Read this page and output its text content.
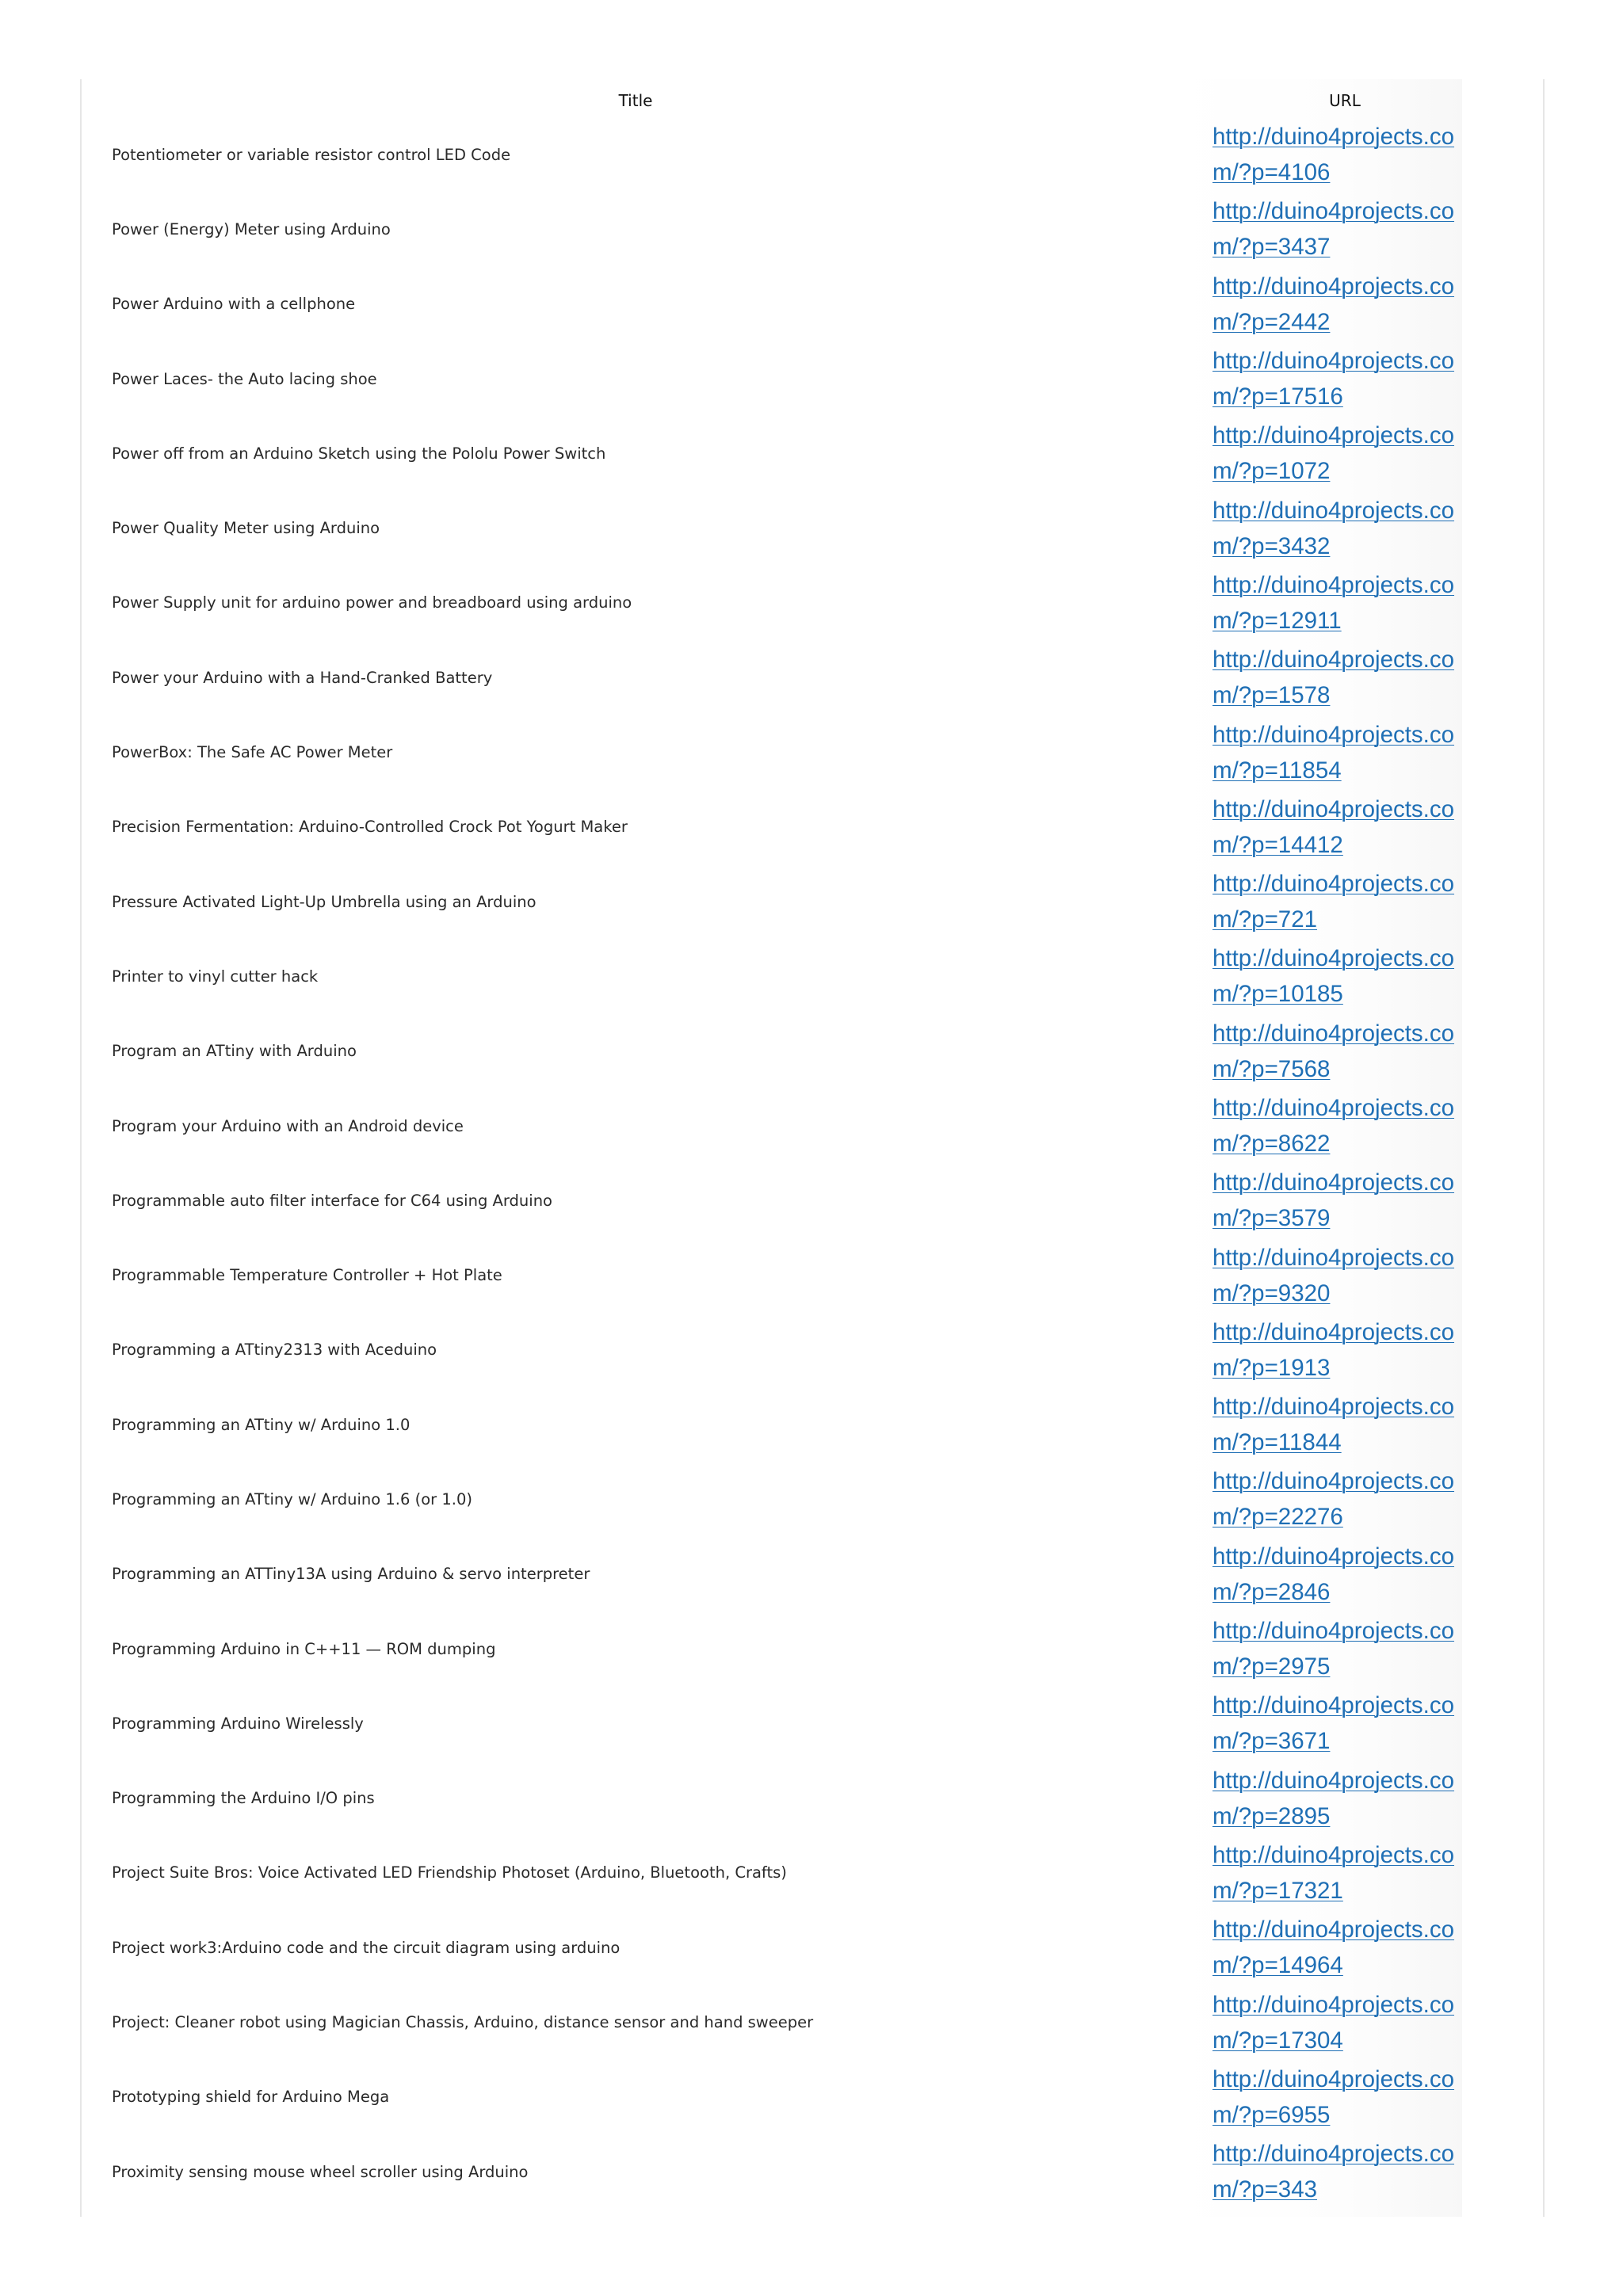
Title	URL
Potentiometer or variable resistor control LED Code	http://duino4projects.com/?p=4106

Power (Energy) Meter using Arduino	http://duino4projects.com/?p=3437

Power Arduino with a cellphone	http://duino4projects.com/?p=2442

Power Laces- the Auto lacing shoe	http://duino4projects.com/?p=17516

Power off from an Arduino Sketch using the Pololu Power Switch	http://duino4projects.com/?p=1072

Power Quality Meter using Arduino	http://duino4projects.com/?p=3432

Power Supply unit for arduino power and breadboard using arduino	http://duino4projects.com/?p=12911

Power your Arduino with a Hand-Cranked Battery	http://duino4projects.com/?p=1578

PowerBox: The Safe AC Power Meter	http://duino4projects.com/?p=11854

Precision Fermentation: Arduino-Controlled Crock Pot Yogurt Maker	http://duino4projects.com/?p=14412

Pressure Activated Light-Up Umbrella using an Arduino	http://duino4projects.com/?p=721

Printer to vinyl cutter hack	http://duino4projects.com/?p=10185

Program an ATtiny with Arduino	http://duino4projects.com/?p=7568

Program your Arduino with an Android device	http://duino4projects.com/?p=8622

Programmable auto filter interface for C64 using Arduino	http://duino4projects.com/?p=3579

Programmable Temperature Controller + Hot Plate	http://duino4projects.com/?p=9320

Programming a ATtiny2313 with Aceduino	http://duino4projects.com/?p=1913

Programming an ATtiny w/ Arduino 1.0	http://duino4projects.com/?p=11844

Programming an ATtiny w/ Arduino 1.6 (or 1.0)	http://duino4projects.com/?p=22276

Programming an ATTiny13A using Arduino & servo interpreter	http://duino4projects.com/?p=2846

Programming Arduino in C++11 — ROM dumping	http://duino4projects.com/?p=2975

Programming Arduino Wirelessly	http://duino4projects.com/?p=3671

Programming the Arduino I/O pins	http://duino4projects.com/?p=2895

Project Suite Bros: Voice Activated LED Friendship Photoset (Arduino, Bluetooth, Crafts)	http://duino4projects.com/?p=17321

Project work3:Arduino code and the circuit diagram using arduino	http://duino4projects.com/?p=14964

Project: Cleaner robot using Magician Chassis, Arduino, distance sensor and hand sweeper	http://duino4projects.com/?p=17304

Prototyping shield for Arduino Mega	http://duino4projects.com/?p=6955

Proximity sensing mouse wheel scroller using Arduino	http://duino4projects.com/?p=343
